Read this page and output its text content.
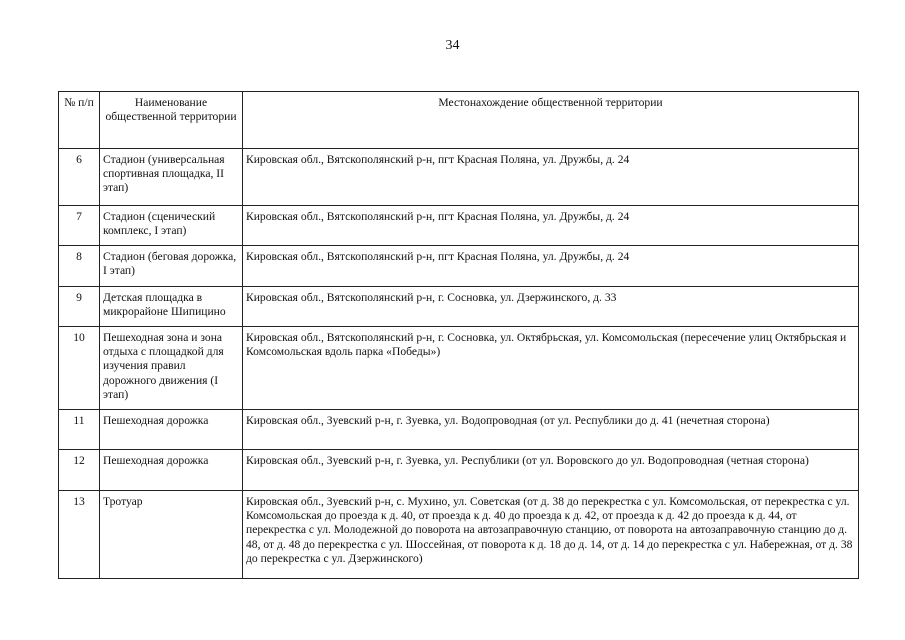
34
№ п/п	Наименование общественной территории	Местонахождение общественной территории
6	Стадион (универсальная спортивная площадка, II этап)	Кировская обл., Вятскополянский р-н, пгт Красная Поляна, ул. Дружбы, д. 24
7	Стадион (сценический комплекс, I этап)	Кировская обл., Вятскополянский р-н, пгт Красная Поляна, ул. Дружбы, д. 24
8	Стадион (беговая дорожка, I этап)	Кировская обл., Вятскополянский р-н, пгт Красная Поляна, ул. Дружбы, д. 24
9	Детская площадка в микрорайоне Шипицино	Кировская обл., Вятскополянский р-н, г. Сосновка, ул. Дзержинского, д. 33
10	Пешеходная зона и зона отдыха с площадкой для изучения правил дорожного движения (I этап)	Кировская обл., Вятскополянский р-н, г. Сосновка, ул. Октябрьская, ул. Комсомольская (пересечение улиц Октябрьская и Комсомольская вдоль парка «Победы»)
11	Пешеходная дорожка	Кировская обл., Зуевский р-н, г. Зуевка, ул. Водопроводная (от ул. Республики до д. 41 (нечетная сторона)
12	Пешеходная дорожка	Кировская обл., Зуевский р-н, г. Зуевка, ул. Республики (от ул. Воровского до ул. Водопроводная (четная сторона)
13	Тротуар	Кировская обл., Зуевский р-н, с. Мухино, ул. Советская (от д. 38 до перекрестка с ул. Комсомольская, от перекрестка с ул. Комсомольская до проезда к д. 40, от проезда к д. 40 до проезда к д. 42, от проезда к д. 42 до проезда к д. 44, от перекрестка с ул. Молодежной до поворота на автозаправочную станцию, от поворота на автозаправочную станцию до д. 48, от д. 48 до перекрестка с ул. Шоссейная, от поворота к д. 18 до д. 14, от д. 14 до перекрестка с ул. Набережная, от д. 38 до перекрестка с ул. Дзержинского)
